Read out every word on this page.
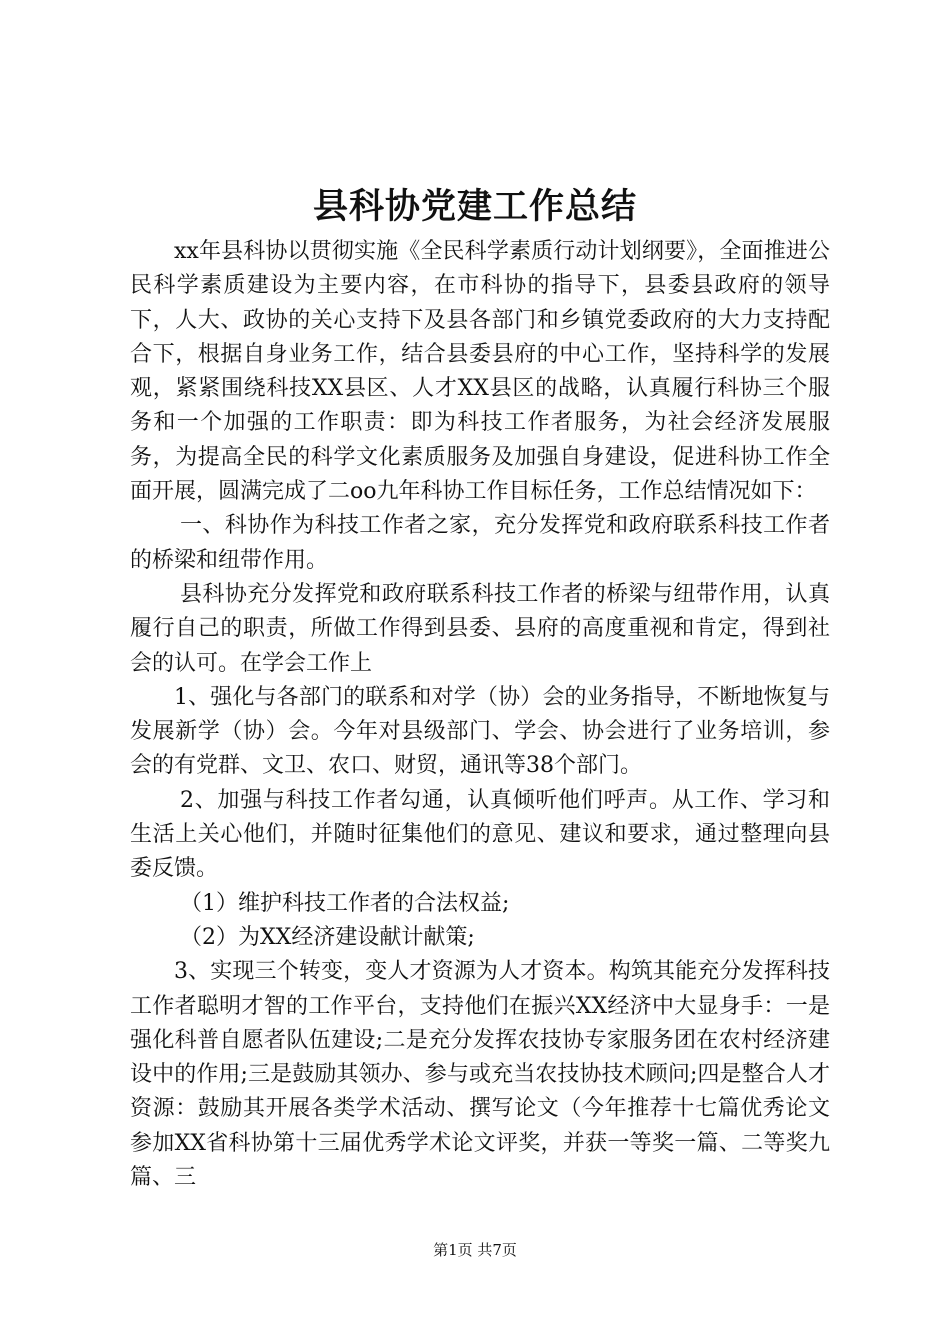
县科协党建工作总结

xx年县科协以贯彻实施《全民科学素质行动计划纲要》，全面推进公民科学素质建设为主要内容，在市科协的指导下，县委县政府的领导下，人大、政协的关心支持下及县各部门和乡镇党委政府的大力支持配合下，根据自身业务工作，结合县委县府的中心工作，坚持科学的发展观，紧紧围绕科技XX县区、人才XX县区的战略，认真履行科协三个服务和一个加强的工作职责：即为科技工作者服务，为社会经济发展服务，为提高全民的科学文化素质服务及加强自身建设，促进科协工作全面开展，圆满完成了二oo九年科协工作目标任务，工作总结情况如下：

一、科协作为科技工作者之家，充分发挥党和政府联系科技工作者的桥梁和纽带作用。

县科协充分发挥党和政府联系科技工作者的桥梁与纽带作用，认真履行自己的职责，所做工作得到县委、县府的高度重视和肯定，得到社会的认可。在学会工作上

1、强化与各部门的联系和对学（协）会的业务指导，不断地恢复与发展新学（协）会。今年对县级部门、学会、协会进行了业务培训，参会的有党群、文卫、农口、财贸，通讯等38个部门。

2、加强与科技工作者勾通，认真倾听他们呼声。从工作、学习和生活上关心他们，并随时征集他们的意见、建议和要求，通过整理向县委反馈。

（1）维护科技工作者的合法权益;

（2）为XX经济建设献计献策;

3、实现三个转变，变人才资源为人才资本。构筑其能充分发挥科技工作者聪明才智的工作平台，支持他们在振兴XX经济中大显身手：一是强化科普自愿者队伍建设;二是充分发挥农技协专家服务团在农村经济建设中的作用;三是鼓励其领办、参与或充当农技协技术顾问;四是整合人才资源：鼓励其开展各类学术活动、撰写论文（今年推荐十七篇优秀论文参加XX省科协第十三届优秀学术论文评奖，并获一等奖一篇、二等奖九篇、三

第1页 共7页
